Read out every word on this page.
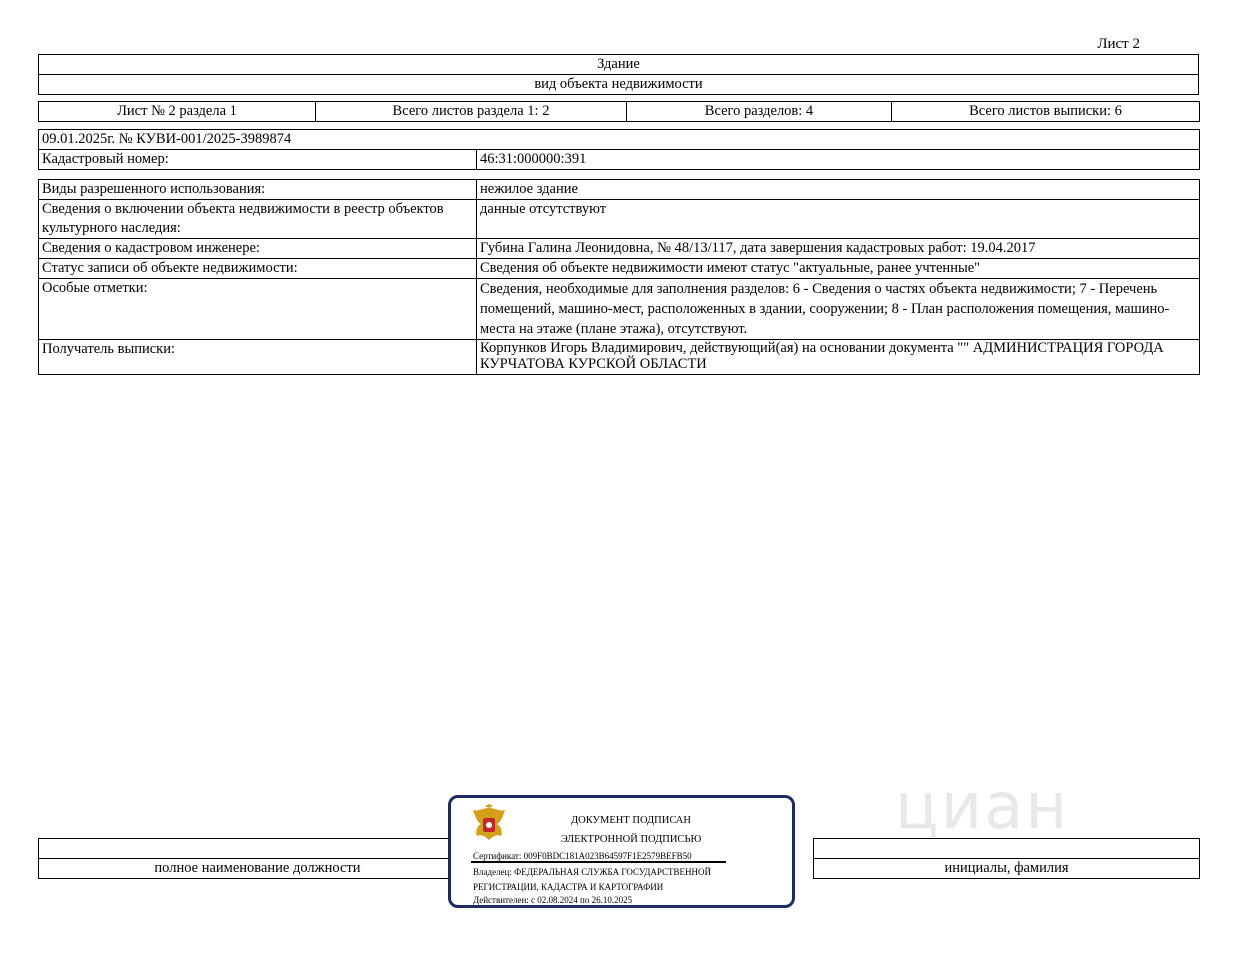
Лист 2
Здание
вид объекта недвижимости
Лист № 2 раздела 1	Всего листов раздела 1: 2	Всего разделов: 4	Всего листов выписки: 6
09.01.2025г. № КУВИ-001/2025-3989874
Кадастровый номер:	46:31:000000:391
Виды разрешенного использования:	нежилое здание
Сведения о включении объекта недвижимости в реестр объектов культурного наследия:	данные отсутствуют
Сведения о кадастровом инженере:	Губина Галина Леонидовна, № 48/13/117, дата завершения кадастровых работ: 19.04.2017
Статус записи об объекте недвижимости:	Сведения об объекте недвижимости имеют статус "актуальные, ранее учтенные"
Особые отметки:	Сведения, необходимые для заполнения разделов: 6 - Сведения о частях объекта недвижимости; 7 - Перечень помещений, машино-мест, расположенных в здании, сооружении; 8 - План расположения помещения, машино-места на этаже (плане этажа), отсутствуют.
Получатель выписки:	Корпунков Игорь Владимирович, действующий(ая) на основании документа "" АДМИНИСТРАЦИЯ ГОРОДА КУРЧАТОВА КУРСКОЙ ОБЛАСТИ
циан

полное наименование должности		инициалы, фамилия
ДОКУМЕНТ ПОДПИСАН
ЭЛЕКТРОННОЙ ПОДПИСЬЮ
Сертификат: 009F0BDC181A023B64597F1E2579BEFB50
Владелец: ФЕДЕРАЛЬНАЯ СЛУЖБА ГОСУДАРСТВЕННОЙ
РЕГИСТРАЦИИ, КАДАСТРА И КАРТОГРАФИИ
Действителен: с 02.08.2024 по 26.10.2025
